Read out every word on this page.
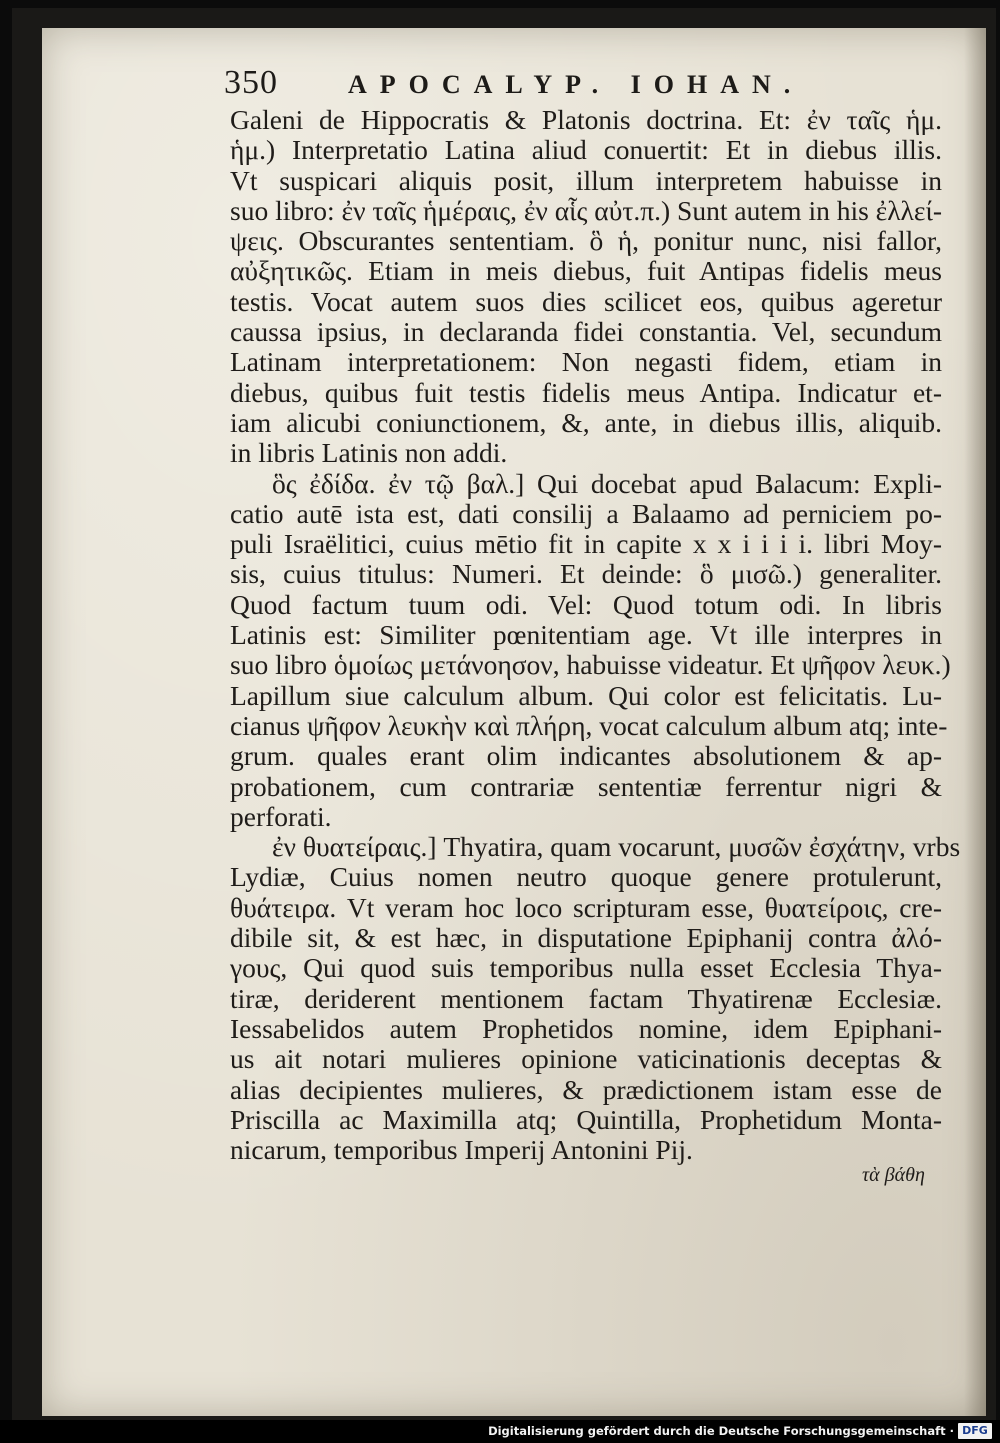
350	APOCALYP. IOHAN.
Galeni de Hippocratis & Platonis doctrina. Et: ἐν ταῖς ἡμ.
ἡμ.) Interpretatio Latina aliud conuertit: Et in diebus illis.
Vt suspicari aliquis posit, illum interpretem habuisse in
suo libro: ἐν ταῖς ἡμέραις, ἐν αἷς αὐτ.π.) Sunt autem in his ἐλλεί-
ψεις. Obscurantes sententiam. ὃ ἡ, ponitur nunc, nisi fallor,
αὐξητικῶς. Etiam in meis diebus, fuit Antipas fidelis meus
testis. Vocat autem suos dies scilicet eos, quibus ageretur
caussa ipsius, in declaranda fidei constantia. Vel, secundum
Latinam interpretationem: Non negasti fidem, etiam in
diebus, quibus fuit testis fidelis meus Antipa. Indicatur et-
iam alicubi coniunctionem, &, ante, in diebus illis, aliquib.
in libris Latinis non addi.
ὃς ἐδίδα. ἐν τῷ βαλ.] Qui docebat apud Balacum: Expli-
catio autē ista est, dati consilij a Balaamo ad perniciem po-
puli Israëlitici, cuius mētio fit in capite x x i i i i. libri Moy-
sis, cuius titulus: Numeri. Et deinde: ὃ μισῶ.) generaliter.
Quod factum tuum odi. Vel: Quod totum odi. In libris
Latinis est: Similiter pœnitentiam age. Vt ille interpres in
suo libro ὁμοίως μετάνοησον, habuisse videatur. Et ψῆφον λευκ.)
Lapillum siue calculum album. Qui color est felicitatis. Lu-
cianus ψῆφον λευκὴν καὶ πλήρη, vocat calculum album atq; inte-
grum. quales erant olim indicantes absolutionem & ap-
probationem, cum contrariæ sententiæ ferrentur nigri &
perforati.
ἐν θυατείραις.] Thyatira, quam vocarunt, μυσῶν ἐσχάτην, vrbs
Lydiæ, Cuius nomen neutro quoque genere protulerunt,
θυάτειρα. Vt veram hoc loco scripturam esse, θυατείροις, cre-
dibile sit, & est hæc, in disputatione Epiphanij contra ἀλό-
γους, Qui quod suis temporibus nulla esset Ecclesia Thya-
tiræ, deriderent mentionem factam Thyatirenæ Ecclesiæ.
Iessabelidos autem Prophetidos nomine, idem Epiphani-
us ait notari mulieres opinione vaticinationis deceptas &
alias decipientes mulieres, & prædictionem istam esse de
Priscilla ac Maximilla atq; Quintilla, Prophetidum Monta-
nicarum, temporibus Imperij Antonini Pij.
τὰ βάθη
Digitalisierung gefördert durch die Deutsche Forschungsgemeinschaft · DFG
